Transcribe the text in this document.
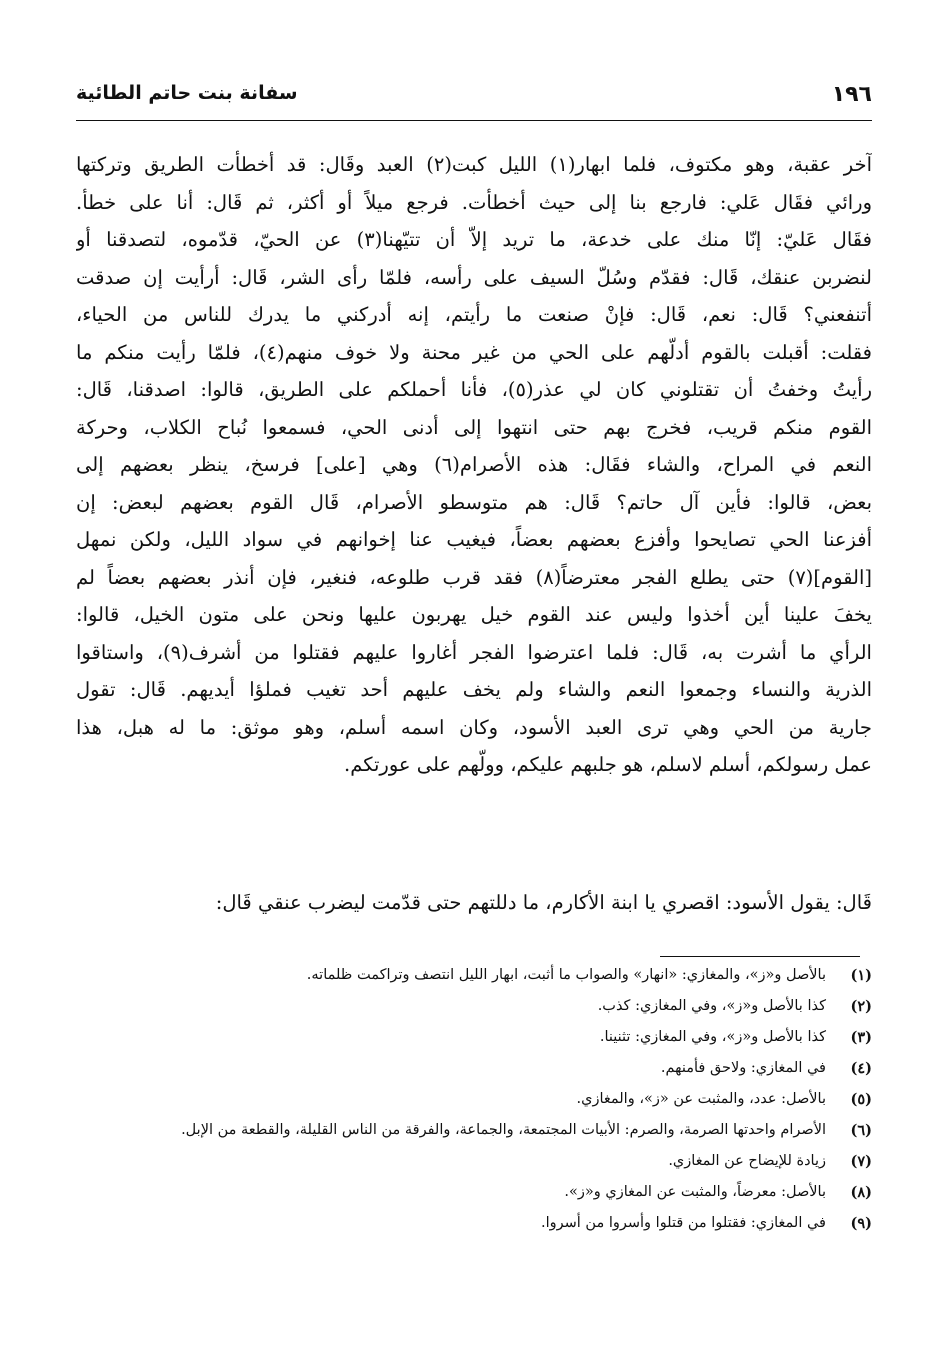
١٩٦
سفانة بنت حاتم الطائية
آخر عقبة، وهو مكتوف، فلما ابهار(١) الليل كبت(٢) العبد وقَال: قد أخطأت الطريق وتركتها
ورائي فقَال عَلي: فارجع بنا إلى حيث أخطأت. فرجع ميلاً أو أكثر، ثم قَال: أنا على خطأ.
فقَال عَليّ: إنّا منك على خدعة، ما تريد إلاّ أن تتيّهنا(٣) عن الحيّ، قدّموه، لتصدقنا أو
لنضربن عنقك، قَال: فقدّم وسُلّ السيف على رأسه، فلمّا رأى الشر، قَال: أرأيت إن صدقت
أتنفعني؟ قَال: نعم، قَال: فإنْ صنعت ما رأيتم، إنه أدركني ما يدرك للناس من الحياء،
فقلت: أقبلت بالقوم أدلّهم على الحي من غير محنة ولا خوف منهم(٤)، فلمّا رأيت منكم ما
رأيتُ وخفتُ أن تقتلوني كان لي عذر(٥)، فأنا أحملكم على الطريق، قالوا: اصدقنا، قَال:
القوم منكم قريب، فخرج بهم حتى انتهوا إلى أدنى الحي، فسمعوا نُباح الكلاب، وحركة
النعم في المراح، والشاء فقَال: هذه الأصرام(٦) وهي [على] فرسخ، ينظر بعضهم إلى
بعض، قالوا: فأين آل حاتم؟ قَال: هم متوسطو الأصرام، قَال القوم بعضهم لبعض: إن
أفزعنا الحي تصايحوا وأفزع بعضهم بعضاً، فيغيب عنا إخوانهم في سواد الليل، ولكن نمهل
[القوم](٧) حتى يطلع الفجر معترضاً(٨) فقد قرب طلوعه، فنغير، فإن أنذر بعضهم بعضاً لم
يخفَ علينا أين أخذوا وليس عند القوم خيل يهربون عليها ونحن على متون الخيل، قالوا:
الرأي ما أشرت به، قَال: فلما اعترضوا الفجر أغاروا عليهم فقتلوا من أشرف(٩)، واستاقوا
الذرية والنساء وجمعوا النعم والشاء ولم يخف عليهم أحد تغيب فملؤا أيديهم. قَال: تقول
جارية من الحي وهي ترى العبد الأسود، وكان اسمه أسلم، وهو موثق: ما له هبل، هذا
عمل رسولكم، أسلم لاسلم، هو جلبهم عليكم، وولّهم على عورتكم.
قَال: يقول الأسود: اقصري يا ابنة الأكارم، ما دللتهم حتى قدّمت ليضرب عنقي قَال:
(١)
بالأصل و«ز»، والمغازي: «انهار» والصواب ما أثبت، ابهار الليل انتصف وتراكمت ظلماته.
(٢)
كذا بالأصل و«ز»، وفي المغازي: كذب.
(٣)
كذا بالأصل و«ز»، وفي المغازي: تثنينا.
(٤)
في المغازي: ولاحق فأمنهم.
(٥)
بالأصل: عدد، والمثبت عن «ز»، والمغازي.
(٦)
الأصرام واحدتها الصرمة، والصرم: الأبيات المجتمعة، والجماعة، والفرقة من الناس القليلة، والقطعة من الإبل.
(٧)
زيادة للإيضاح عن المغازي.
(٨)
بالأصل: معرضاً، والمثبت عن المغازي و«ز».
(٩)
في المغازي: فقتلوا من قتلوا وأسروا من أسروا.
